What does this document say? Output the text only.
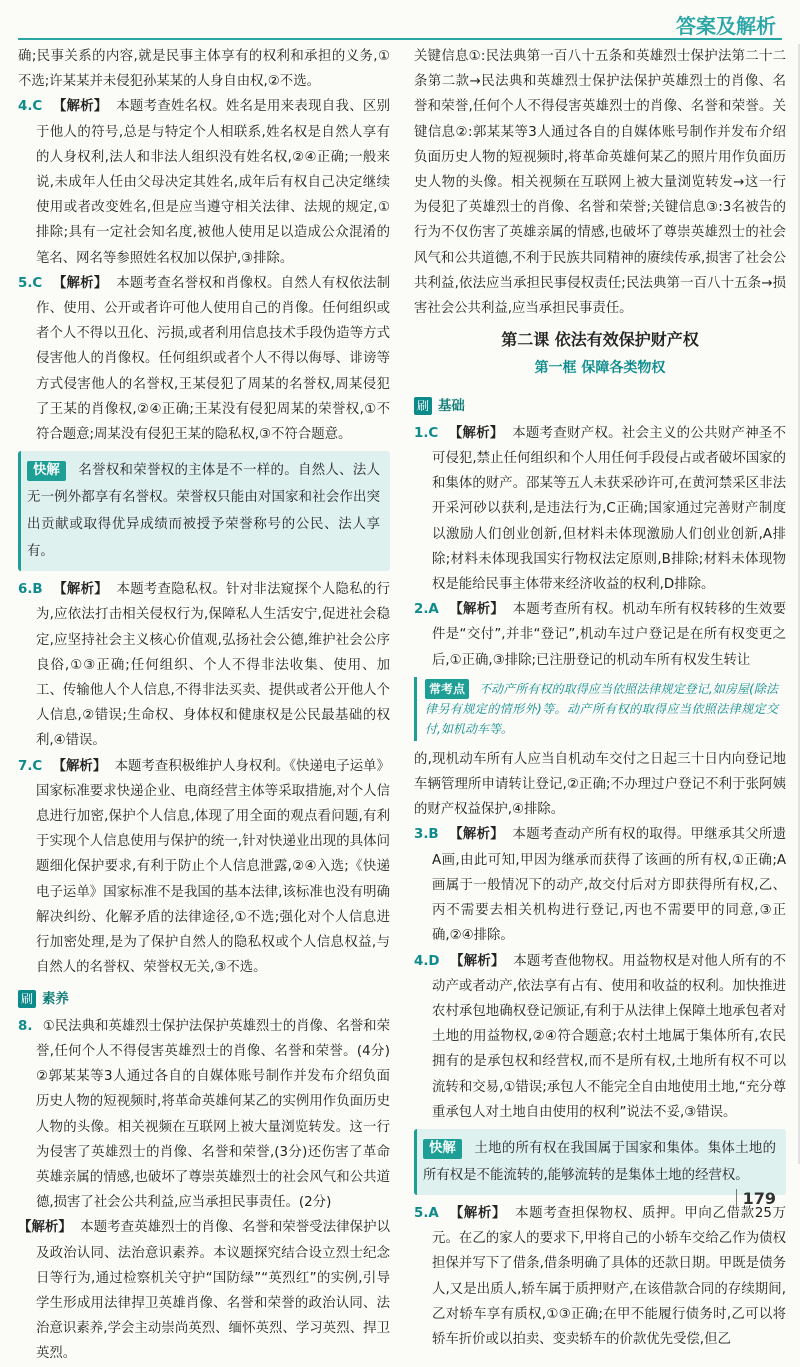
答案及解析
确;民事关系的内容,就是民事主体享有的权利和承担的义务,①不选;许某某并未侵犯孙某某的人身自由权,②不选。
4.C 【解析】 本题考查姓名权。姓名是用来表现自我、区别于他人的符号,总是与特定个人相联系,姓名权是自然人享有的人身权利,法人和非法人组织没有姓名权,②④正确;一般来说,未成年人任由父母决定其姓名,成年后有权自己决定继续使用或者改变姓名,但是应当遵守相关法律、法规的规定,①排除;具有一定社会知名度,被他人使用足以造成公众混淆的笔名、网名等参照姓名权加以保护,③排除。
5.C 【解析】 本题考查名誉权和肖像权。自然人有权依法制作、使用、公开或者许可他人使用自己的肖像。任何组织或者个人不得以丑化、污损,或者利用信息技术手段伪造等方式侵害他人的肖像权。任何组织或者个人不得以侮辱、诽谤等方式侵害他人的名誉权,王某侵犯了周某的名誉权,周某侵犯了王某的肖像权,②④正确;王某没有侵犯周某的荣誉权,①不符合题意;周某没有侵犯王某的隐私权,③不符合题意。
快解 名誉权和荣誉权的主体是不一样的。自然人、法人无一例外都享有名誉权。荣誉权只能由对国家和社会作出突出贡献或取得优异成绩而被授予荣誉称号的公民、法人享有。
6.B 【解析】 本题考查隐私权。针对非法窥探个人隐私的行为,应依法打击相关侵权行为,保障私人生活安宁,促进社会稳定,应坚持社会主义核心价值观,弘扬社会公德,维护社会公序良俗,①③正确;任何组织、个人不得非法收集、使用、加工、传输他人个人信息,不得非法买卖、提供或者公开他人个人信息,②错误;生命权、身体权和健康权是公民最基础的权利,④错误。
7.C 【解析】 本题考查积极维护人身权利。《快递电子运单》国家标准要求快递企业、电商经营主体等采取措施,对个人信息进行加密,保护个人信息,体现了用全面的观点看问题,有利于实现个人信息使用与保护的统一,针对快递业出现的具体问题细化保护要求,有利于防止个人信息泄露,②④入选;《快递电子运单》国家标准不是我国的基本法律,该标准也没有明确解决纠纷、化解矛盾的法律途径,①不选;强化对个人信息进行加密处理,是为了保护自然人的隐私权或个人信息权益,与自然人的名誉权、荣誉权无关,③不选。
刷 素养
8. ①民法典和英雄烈士保护法保护英雄烈士的肖像、名誉和荣誉,任何个人不得侵害英雄烈士的肖像、名誉和荣誉。(4分) ②郭某某等3人通过各自的自媒体账号制作并发布介绍负面历史人物的短视频时,将革命英雄何某乙的实例用作负面历史人物的头像。相关视频在互联网上被大量浏览转发。这一行为侵害了英雄烈士的肖像、名誉和荣誉,(3分)还伤害了革命英雄亲属的情感,也破坏了尊崇英雄烈士的社会风气和公共道德,损害了社会公共利益,应当承担民事责任。(2分)
【解析】 本题考查英雄烈士的肖像、名誉和荣誉受法律保护以及政治认同、法治意识素养。本议题探究结合设立烈士纪念日等行为,通过检察机关守护“国防绿”“英烈红”的实例,引导学生形成用法律捍卫英雄肖像、名誉和荣誉的政治认同、法治意识素养,学会主动崇尚英烈、缅怀英烈、学习英烈、捍卫英烈。
关键信息①:民法典第一百八十五条和英雄烈士保护法第二十二条第二款→民法典和英雄烈士保护法保护英雄烈士的肖像、名誉和荣誉,任何个人不得侵害英雄烈士的肖像、名誉和荣誉。关键信息②:郭某某等3人通过各自的自媒体账号制作并发布介绍负面历史人物的短视频时,将革命英雄何某乙的照片用作负面历史人物的头像。相关视频在互联网上被大量浏览转发→这一行为侵犯了英雄烈士的肖像、名誉和荣誉;关键信息③:3名被告的行为不仅伤害了英雄亲属的情感,也破坏了尊崇英雄烈士的社会风气和公共道德,不利于民族共同精神的赓续传承,损害了社会公共利益,依法应当承担民事侵权责任;民法典第一百八十五条→损害社会公共利益,应当承担民事责任。
第二课 依法有效保护财产权
第一框 保障各类物权
刷 基础
1.C 【解析】 本题考查财产权。社会主义的公共财产神圣不可侵犯,禁止任何组织和个人用任何手段侵占或者破坏国家的和集体的财产。邵某等五人未获采砂许可,在黄河禁采区非法开采河砂以获利,是违法行为,C正确;国家通过完善财产制度以激励人们创业创新,但材料未体现激励人们创业创新,A排除;材料未体现我国实行物权法定原则,B排除;材料未体现物权是能给民事主体带来经济收益的权利,D排除。
2.A 【解析】 本题考查所有权。机动车所有权转移的生效要件是“交付”,并非“登记”,机动车过户登记是在所有权变更之后,①正确,③排除;已注册登记的机动车所有权发生转让
常考点 不动产所有权的取得应当依照法律规定登记,如房屋(除法律另有规定的情形外)等。动产所有权的取得应当依照法律规定交付,如机动车等。
的,现机动车所有人应当自机动车交付之日起三十日内向登记地车辆管理所申请转让登记,②正确;不办理过户登记不利于张阿姨的财产权益保护,④排除。
3.B 【解析】 本题考查动产所有权的取得。甲继承其父所遗A画,由此可知,甲因为继承而获得了该画的所有权,①正确;A画属于一般情况下的动产,故交付后对方即获得所有权,乙、丙不需要去相关机构进行登记,丙也不需要甲的同意,③正确,②④排除。
4.D 【解析】 本题考查他物权。用益物权是对他人所有的不动产或者动产,依法享有占有、使用和收益的权利。加快推进农村承包地确权登记颁证,有利于从法律上保障土地承包者对土地的用益物权,②④符合题意;农村土地属于集体所有,农民拥有的是承包权和经营权,而不是所有权,土地所有权不可以流转和交易,①错误;承包人不能完全自由地使用土地,“充分尊重承包人对土地自由使用的权利”说法不妥,③错误。
快解 土地的所有权在我国属于国家和集体。集体土地的所有权是不能流转的,能够流转的是集体土地的经营权。
5.A 【解析】 本题考查担保物权、质押。甲向乙借款25万元。在乙的家人的要求下,甲将自己的小轿车交给乙作为债权担保并写下了借条,借条明确了具体的还款日期。甲既是债务人,又是出质人,轿车属于质押财产,在该借款合同的存续期间,乙对轿车享有质权,①③正确;在甲不能履行债务时,乙可以将轿车折价或以拍卖、变卖轿车的价款优先受偿,但乙
179
